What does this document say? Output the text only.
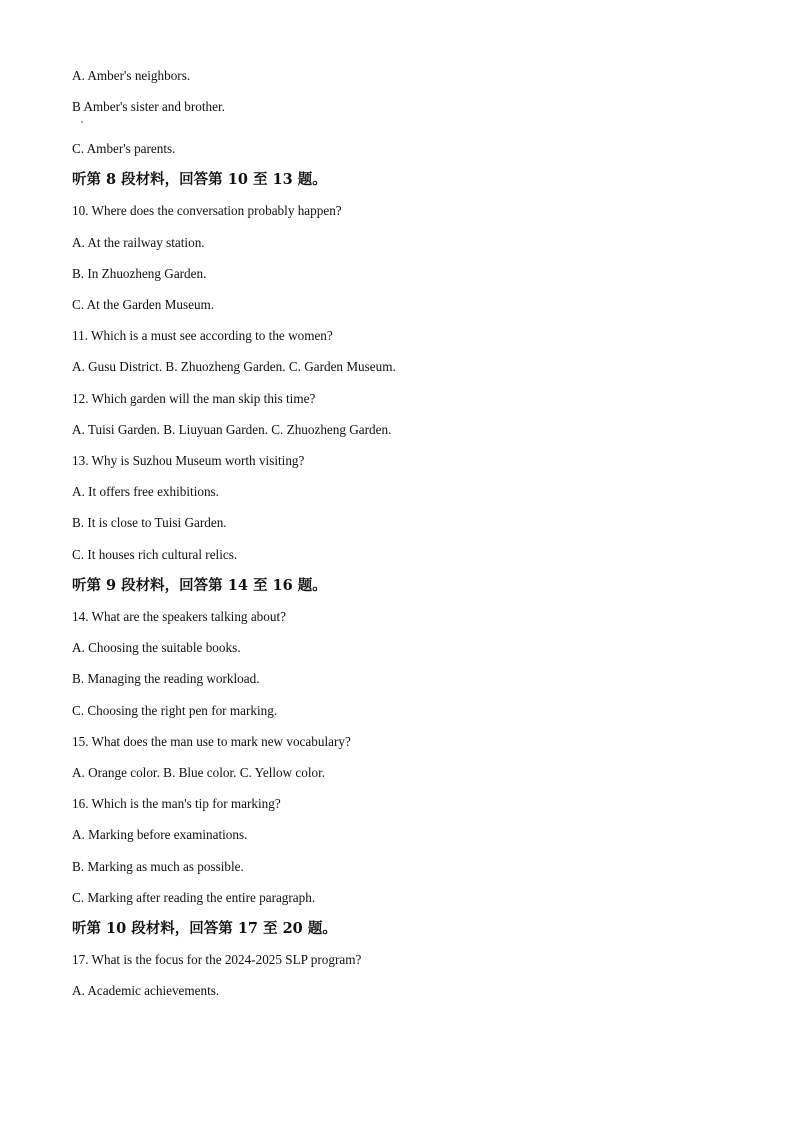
A. Amber's neighbors.
B Amber's sister and brother.
C. Amber's parents.
听第 8 段材料，回答第 10 至 13 题。
10. Where does the conversation probably happen?
A. At the railway station.
B. In Zhuozheng Garden.
C. At the Garden Museum.
11. Which is a must see according to the women?
A. Gusu District. B. Zhuozheng Garden. C. Garden Museum.
12. Which garden will the man skip this time?
A. Tuisi Garden. B. Liuyuan Garden. C. Zhuozheng Garden.
13. Why is Suzhou Museum worth visiting?
A. It offers free exhibitions.
B. It is close to Tuisi Garden.
C. It houses rich cultural relics.
听第 9 段材料，回答第 14 至 16 题。
14. What are the speakers talking about?
A. Choosing the suitable books.
B. Managing the reading workload.
C. Choosing the right pen for marking.
15. What does the man use to mark new vocabulary?
A. Orange color. B. Blue color. C. Yellow color.
16. Which is the man's tip for marking?
A. Marking before examinations.
B. Marking as much as possible.
C. Marking after reading the entire paragraph.
听第 10 段材料，回答第 17 至 20 题。
17. What is the focus for the 2024-2025 SLP program?
A. Academic achievements.
